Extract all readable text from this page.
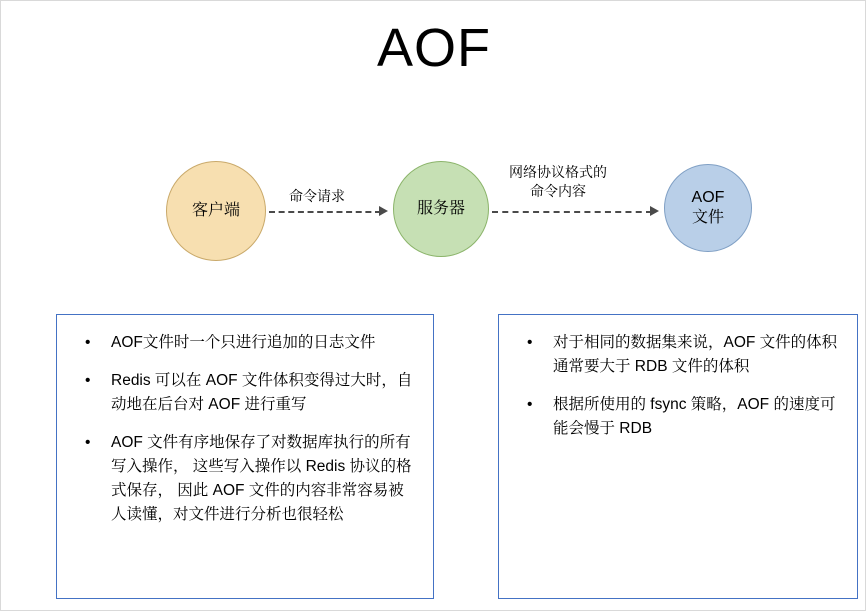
AOF
客户端	服务器
AOF
文件
命令请求
网络协议格式的
命令内容
• AOF文件时一个只进行追加的日志文件
• Redis 可以在 AOF 文件体积变得过大时，自动地在后台对 AOF 进行重写
• AOF 文件有序地保存了对数据库执行的所有写入操作， 这些写入操作以 Redis 协议的格式保存， 因此 AOF 文件的内容非常容易被人读懂，对文件进行分析也很轻松
• 对于相同的数据集来说，AOF 文件的体积通常要大于 RDB 文件的体积
• 根据所使用的 fsync 策略，AOF 的速度可能会慢于 RDB
